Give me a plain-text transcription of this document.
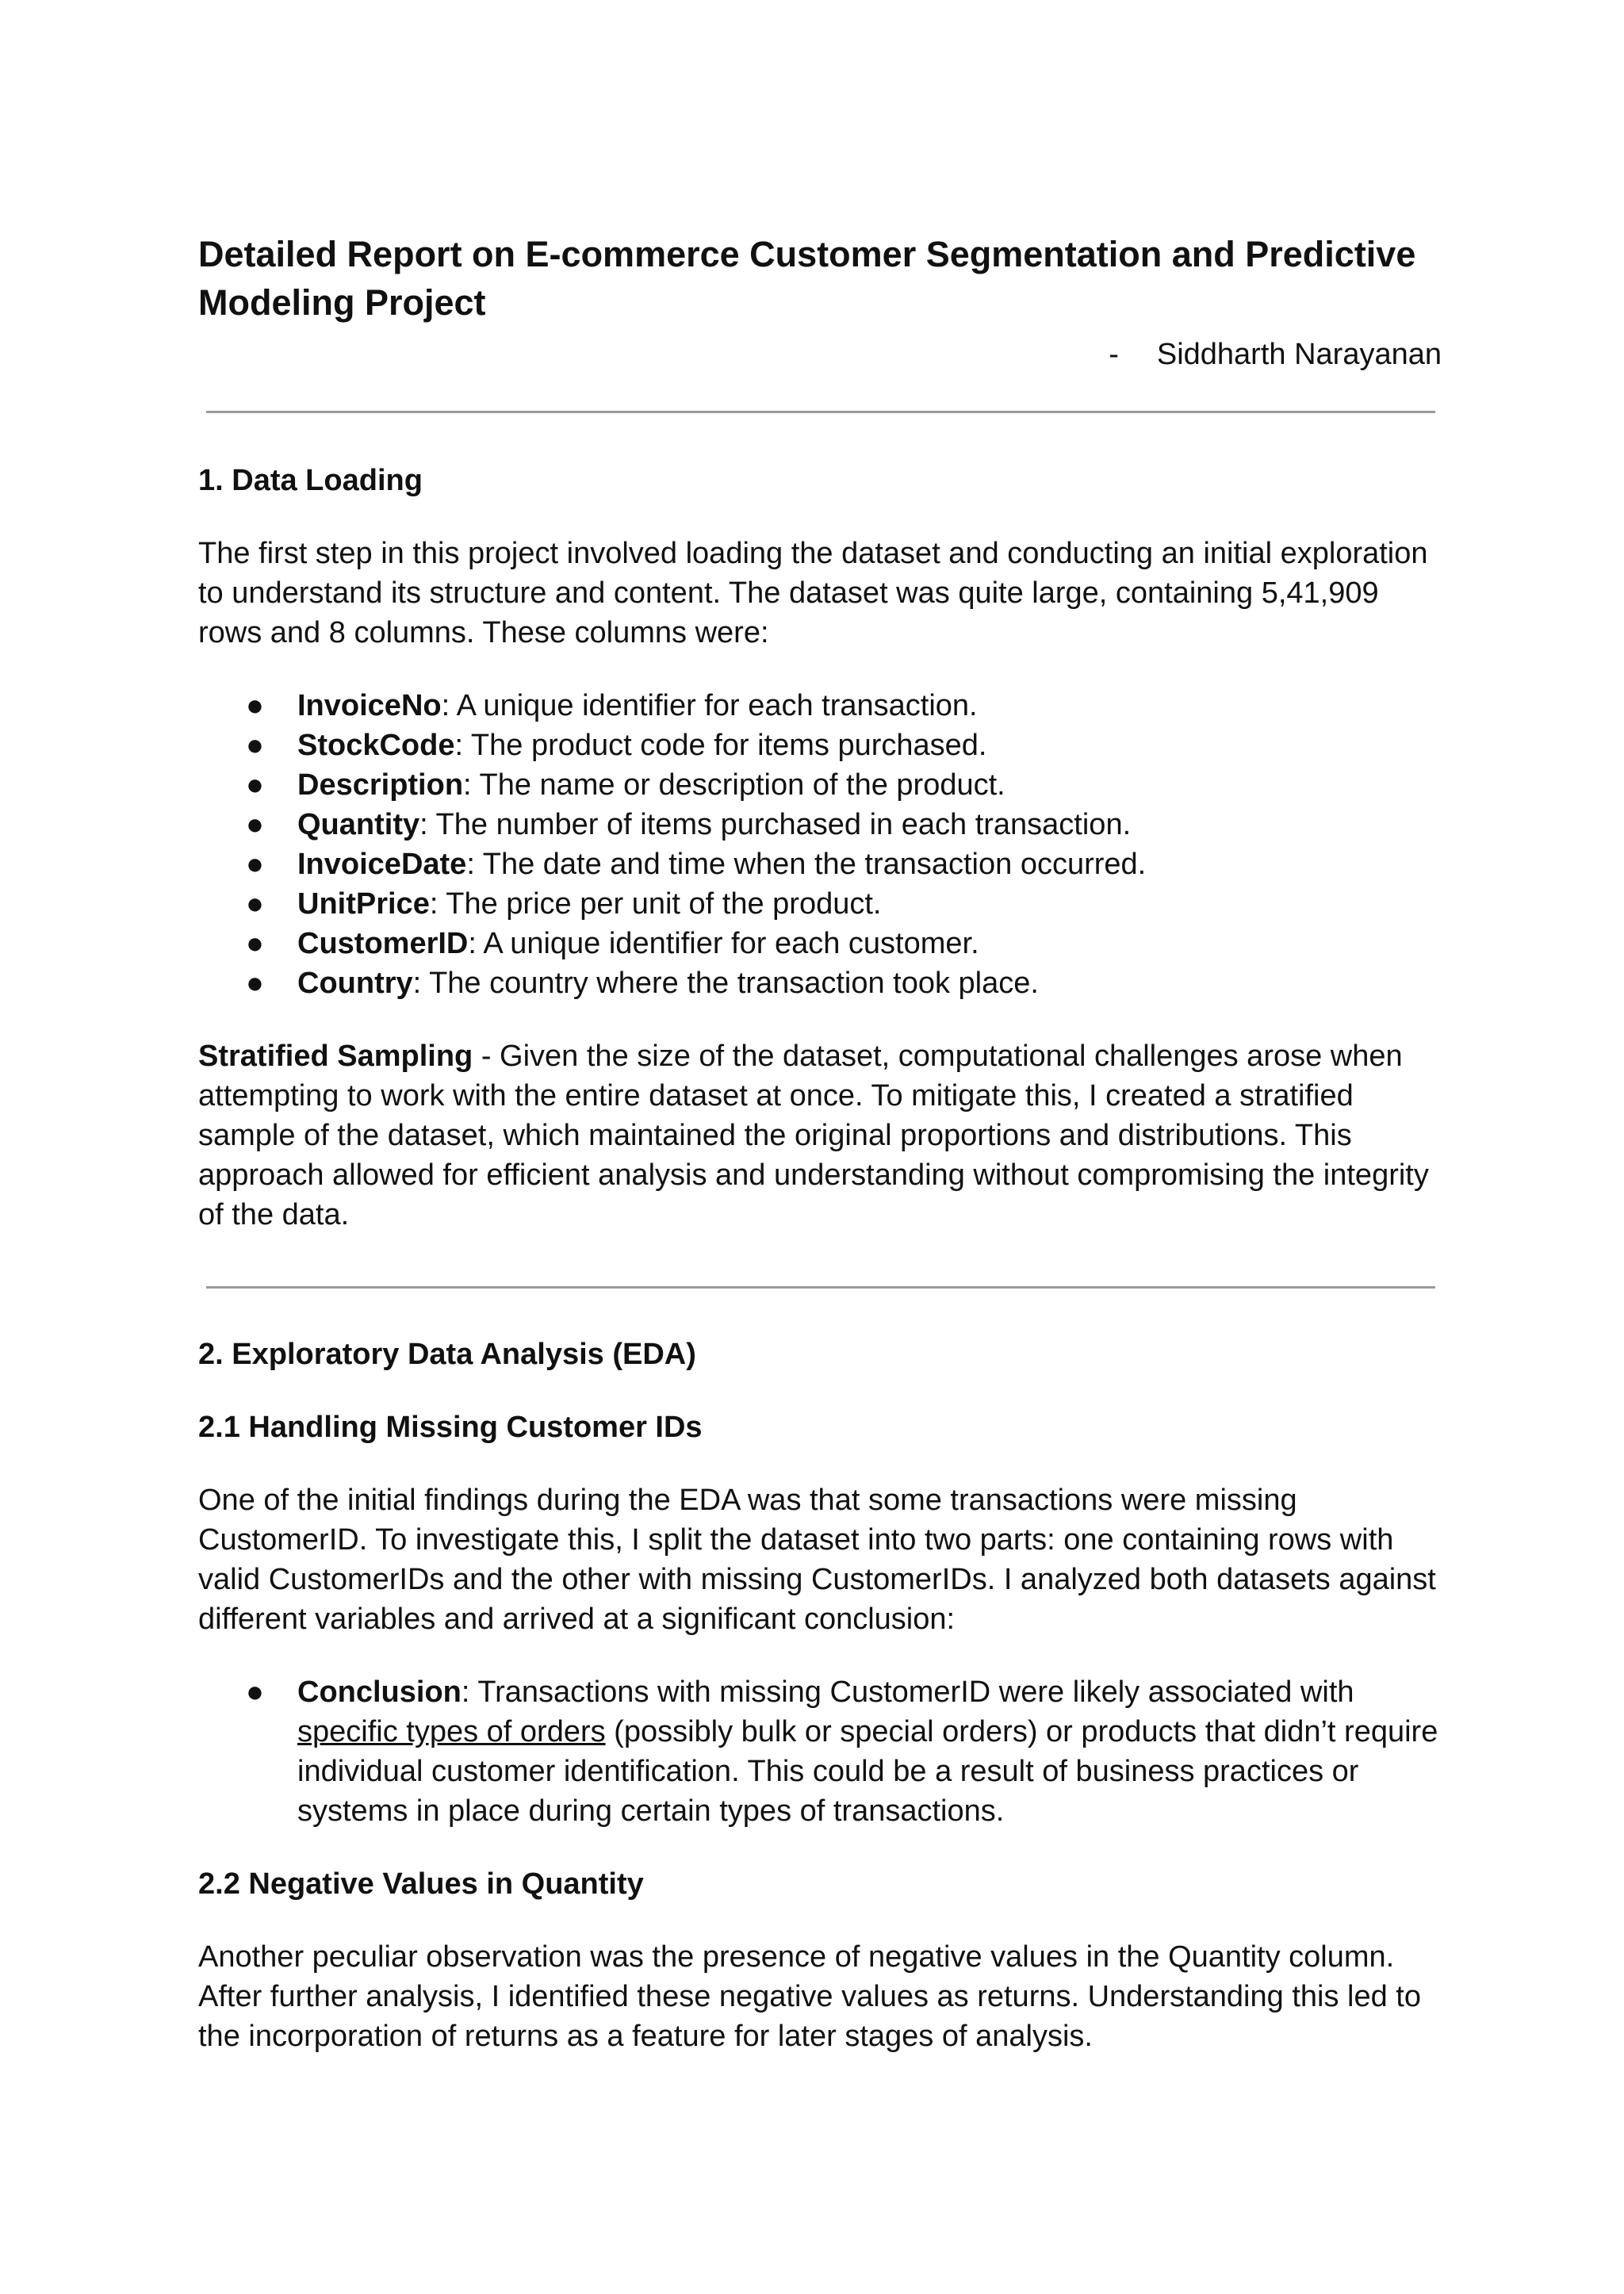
Detailed Report on E-commerce Customer Segmentation and Predictive Modeling Project
- Siddharth Narayanan
1. Data Loading

The first step in this project involved loading the dataset and conducting an initial exploration to understand its structure and content. The dataset was quite large, containing 5,41,909 rows and 8 columns. These columns were:

● InvoiceNo: A unique identifier for each transaction.
● StockCode: The product code for items purchased.
● Description: The name or description of the product.
● Quantity: The number of items purchased in each transaction.
● InvoiceDate: The date and time when the transaction occurred.
● UnitPrice: The price per unit of the product.
● CustomerID: A unique identifier for each customer.
● Country: The country where the transaction took place.

Stratified Sampling - Given the size of the dataset, computational challenges arose when attempting to work with the entire dataset at once. To mitigate this, I created a stratified sample of the dataset, which maintained the original proportions and distributions. This approach allowed for efficient analysis and understanding without compromising the integrity of the data.

2. Exploratory Data Analysis (EDA)
2.1 Handling Missing Customer IDs

One of the initial findings during the EDA was that some transactions were missing CustomerID. To investigate this, I split the dataset into two parts: one containing rows with valid CustomerIDs and the other with missing CustomerIDs. I analyzed both datasets against different variables and arrived at a significant conclusion:

● Conclusion: Transactions with missing CustomerID were likely associated with specific types of orders (possibly bulk or special orders) or products that didn’t require individual customer identification. This could be a result of business practices or systems in place during certain types of transactions.
2.2 Negative Values in Quantity

Another peculiar observation was the presence of negative values in the Quantity column. After further analysis, I identified these negative values as returns. Understanding this led to the incorporation of returns as a feature for later stages of analysis.
